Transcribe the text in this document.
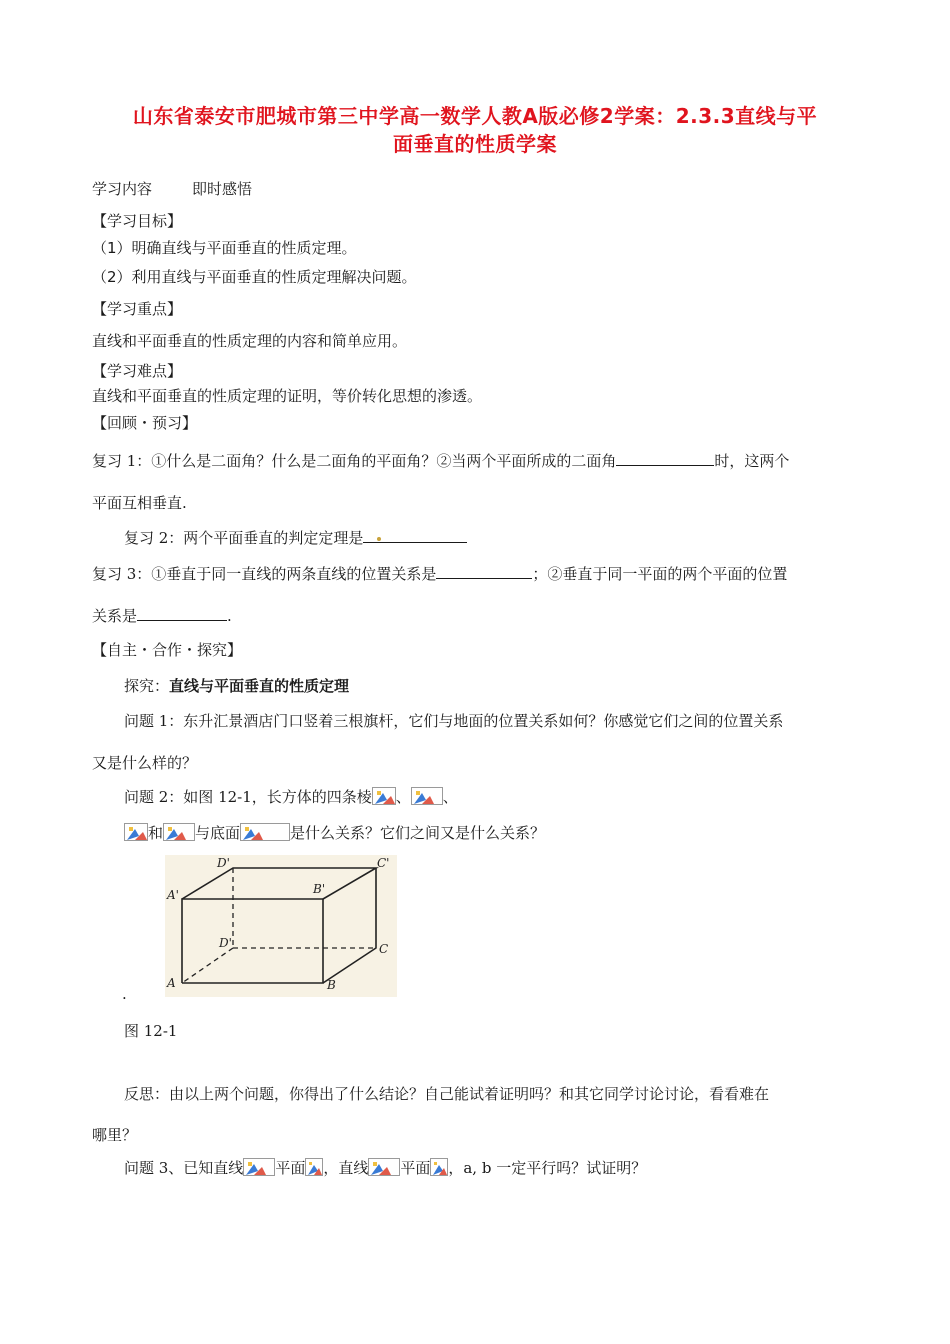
山东省泰安市肥城市第三中学高一数学人教A版必修2学案：2.3.3直线与平
面垂直的性质学案
学习内容	即时感悟
【学习目标】
（1）明确直线与平面垂直的性质定理。
（2）利用直线与平面垂直的性质定理解决问题。
【学习重点】
直线和平面垂直的性质定理的内容和简单应用。
【学习难点】
直线和平面垂直的性质定理的证明，等价转化思想的渗透。
【回顾・预习】
复习 1：①什么是二面角？什么是二面角的平面角？②当两个平面所成的二面角	时，这两个
平面互相垂直.
复习 2：两个平面垂直的判定定理是
复习 3：①垂直于同一直线的两条直线的位置关系是	；②垂直于同一平面的两个平面的位置
关系是	.
【自主・合作・探究】
探究：直线与平面垂直的性质定理
问题 1：东升汇景酒店门口竖着三根旗杆，它们与地面的位置关系如何？你感觉它们之间的位置关系
又是什么样的？
问题 2：如图 12-1，长方体的四条棱 、 、
和 与底面	是什么关系？它们之间又是什么关系？
D'	C'
A'	B'
D'	C
A	B
.
图 12-1
反思：由以上两个问题，你得出了什么结论？自己能试着证明吗？和其它同学讨论讨论，看看难在
哪里？
问题 3、已知直线 平面 ，直线 平面 ，a, b 一定平行吗？试证明？
